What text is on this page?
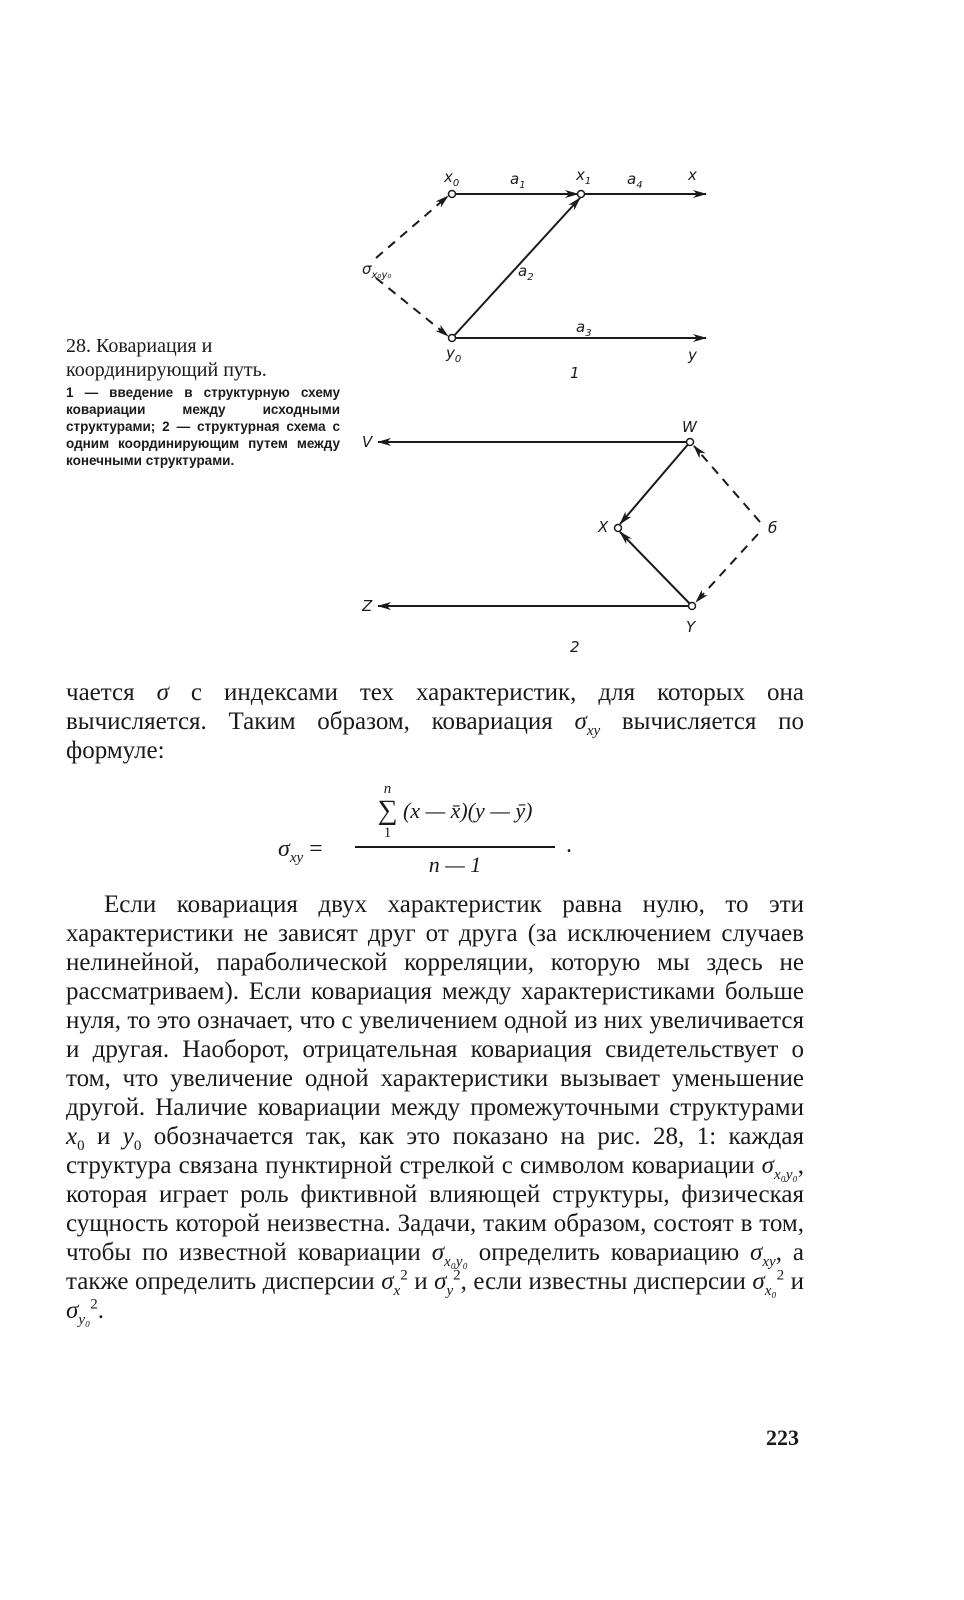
28. Ковариация и координирующий путь.
1 — введение в структурную схему ковариации между исходными структурами; 2 — структурная схема с одним координирующим путем между конечными структурами.
$x_0$	$a_1$
$x_1$ $a_4$
x
$a_2$
$a_3$
$y_0$	y
$\sigma_{x_0y_0}$
1
W
V
X	б
Z
Y
2
чается σ с индексами тех характеристик, для которых она вычисляется. Таким образом, ковариация $\sigma_{xy}$ вычисляется по формуле:
$\sigma_{xy}$ =
n
∑
1
(x — x̄)(y — ȳ)
n — 1
.
Если ковариация двух характеристик равна нулю, то эти характеристики не зависят друг от друга (за исключением случаев нелинейной, параболической корреляции, которую мы здесь не рассматриваем). Если ковариация между характеристиками больше нуля, то это означает, что с увеличением одной из них увеличивается и другая. Наоборот, отрицательная ковариация свидетельствует о том, что увеличение одной характеристики вызывает уменьшение другой. Наличие ковариации между промежуточными структурами $x_0$ и $y_0$ обозначается так, как это показано на рис. 28, 1: каждая структура связана пунктирной стрелкой с символом ковариации $\sigma_{x_0y_0}$, которая играет роль фиктивной влияющей структуры, физическая сущность которой неизвестна. Задачи, таким образом, состоят в том, чтобы по известной ковариации $\sigma_{x_0y_0}$ определить ковариацию $\sigma_{xy}$, а также определить дисперсии $\sigma_x^2$ и $\sigma_y^2$, если известны дисперсии $\sigma_{x_0}^2$ и $\sigma_{y_0}^2$.
223
